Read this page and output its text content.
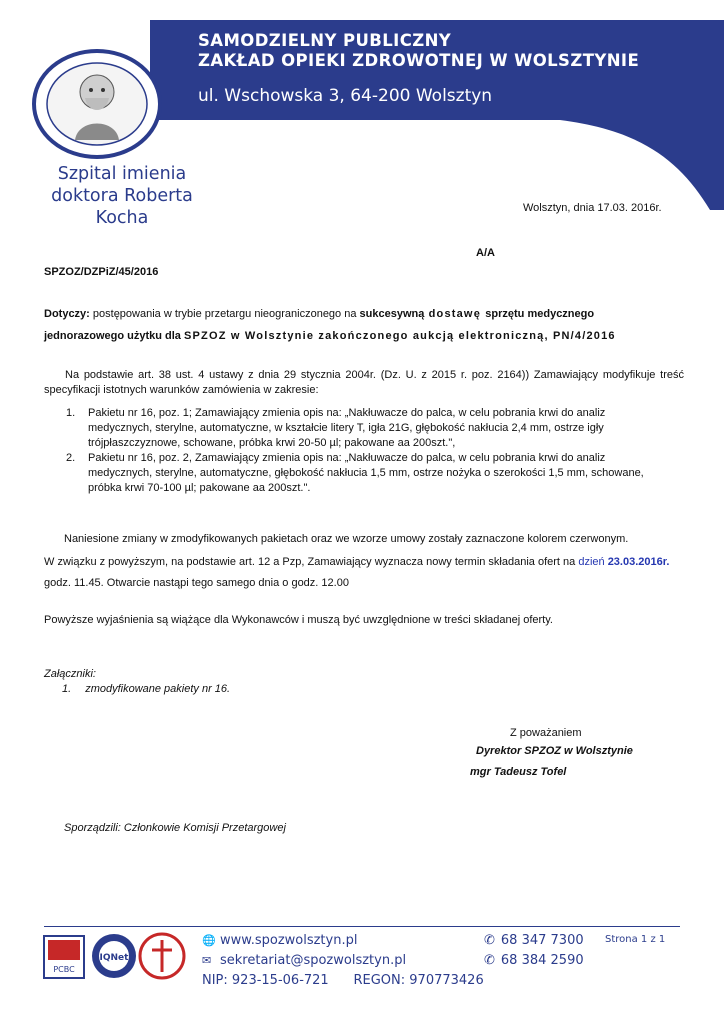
SAMODZIELNY PUBLICZNY
ZAKŁAD OPIEKI ZDROWOTNEJ W WOLSZTYNIE
ul. Wschowska 3, 64-200 Wolsztyn
Szpital imienia
doktora Roberta Kocha	Wolsztyn, dnia 17.03. 2016r.
A/A
SPZOZ/DZPiZ/45/2016
Dotyczy: postępowania w trybie przetargu nieograniczonego na sukcesywną dostawę sprzętu medycznego
jednorazowego użytku dla SPZOZ w Wolsztynie zakończonego aukcją elektroniczną, PN/4/2016
Na podstawie art. 38 ust. 4 ustawy z dnia 29 stycznia 2004r. (Dz. U. z 2015 r. poz. 2164)) Zamawiający modyfikuje treść specyfikacji istotnych warunków zamówienia w zakresie:
1. Pakietu nr 16, poz. 1; Zamawiający zmienia opis na: „Nakłuwacze do palca, w celu pobrania krwi do analiz medycznych, sterylne, automatyczne, w kształcie litery T, igła 21G, głębokość nakłucia 2,4 mm, ostrze igły trójpłaszczyznowe, schowane, próbka krwi 20-50 µl; pakowane aa 200szt.",
2. Pakietu nr 16, poz. 2, Zamawiający zmienia opis na: „Nakłuwacze do palca, w celu pobrania krwi do analiz medycznych, sterylne, automatyczne, głębokość nakłucia 1,5 mm, ostrze nożyka o szerokości 1,5 mm, schowane, próbka krwi 70-100 µl; pakowane aa 200szt.".
Naniesione zmiany w zmodyfikowanych pakietach oraz we wzorze umowy zostały zaznaczone kolorem czerwonym.
W związku z powyższym, na podstawie art. 12 a Pzp, Zamawiający wyznacza nowy termin składania ofert na dzień 23.03.2016r.
godz. 11.45. Otwarcie nastąpi tego samego dnia o godz. 12.00
Powyższe wyjaśnienia są wiążące dla Wykonawców i muszą być uwzględnione w treści składanej oferty.
Załączniki:
1. zmodyfikowane pakiety nr 16.
Z poważaniem
Dyrektor SPZOZ w Wolsztynie
mgr Tadeusz Tofel
Sporządzili: Członkowie Komisji Przetargowej
PCBC
IQNet
🌐 www.spozwolsztyn.pl
✉ sekretariat@spozwolsztyn.pl
NIP: 923-15-06-721      REGON: 970773426
✆ 68 347 7300
✆ 68 384 2590
Strona 1 z 1
